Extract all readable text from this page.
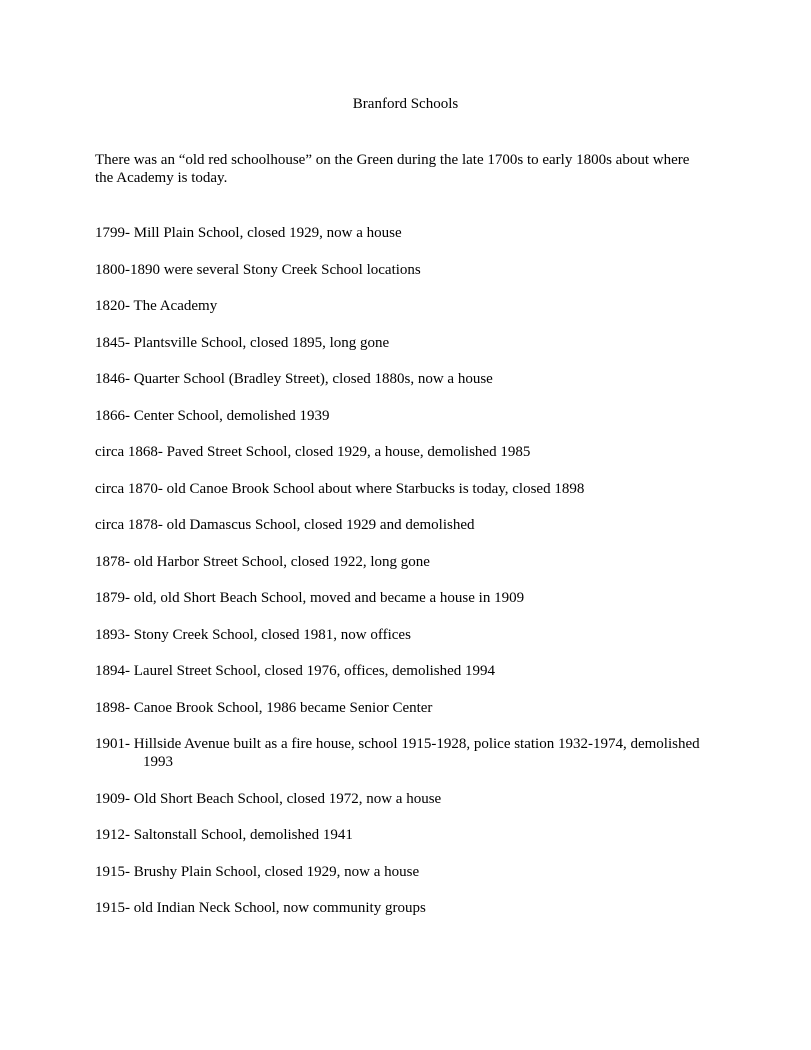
Branford Schools
There was an “old red schoolhouse” on the Green during the late 1700s to early 1800s about where the Academy is today.
1799- Mill Plain School, closed 1929, now a house
1800-1890 were several Stony Creek School locations
1820- The Academy
1845- Plantsville School, closed 1895, long gone
1846- Quarter School (Bradley Street), closed 1880s, now a house
1866- Center School, demolished 1939
circa 1868- Paved Street School, closed 1929, a house, demolished 1985
circa 1870- old Canoe Brook School about where Starbucks is today, closed 1898
circa 1878- old Damascus School, closed 1929 and demolished
1878- old Harbor Street School, closed 1922, long gone
1879- old, old Short Beach School, moved and became a house in 1909
1893- Stony Creek School, closed 1981, now offices
1894- Laurel Street School, closed 1976, offices, demolished 1994
1898- Canoe Brook School, 1986 became Senior Center
1901- Hillside Avenue built as a fire house, school 1915-1928, police station 1932-1974, demolished 1993
1909- Old Short Beach School, closed 1972, now a house
1912- Saltonstall School, demolished 1941
1915- Brushy Plain School, closed 1929, now a house
1915- old Indian Neck School, now community groups
